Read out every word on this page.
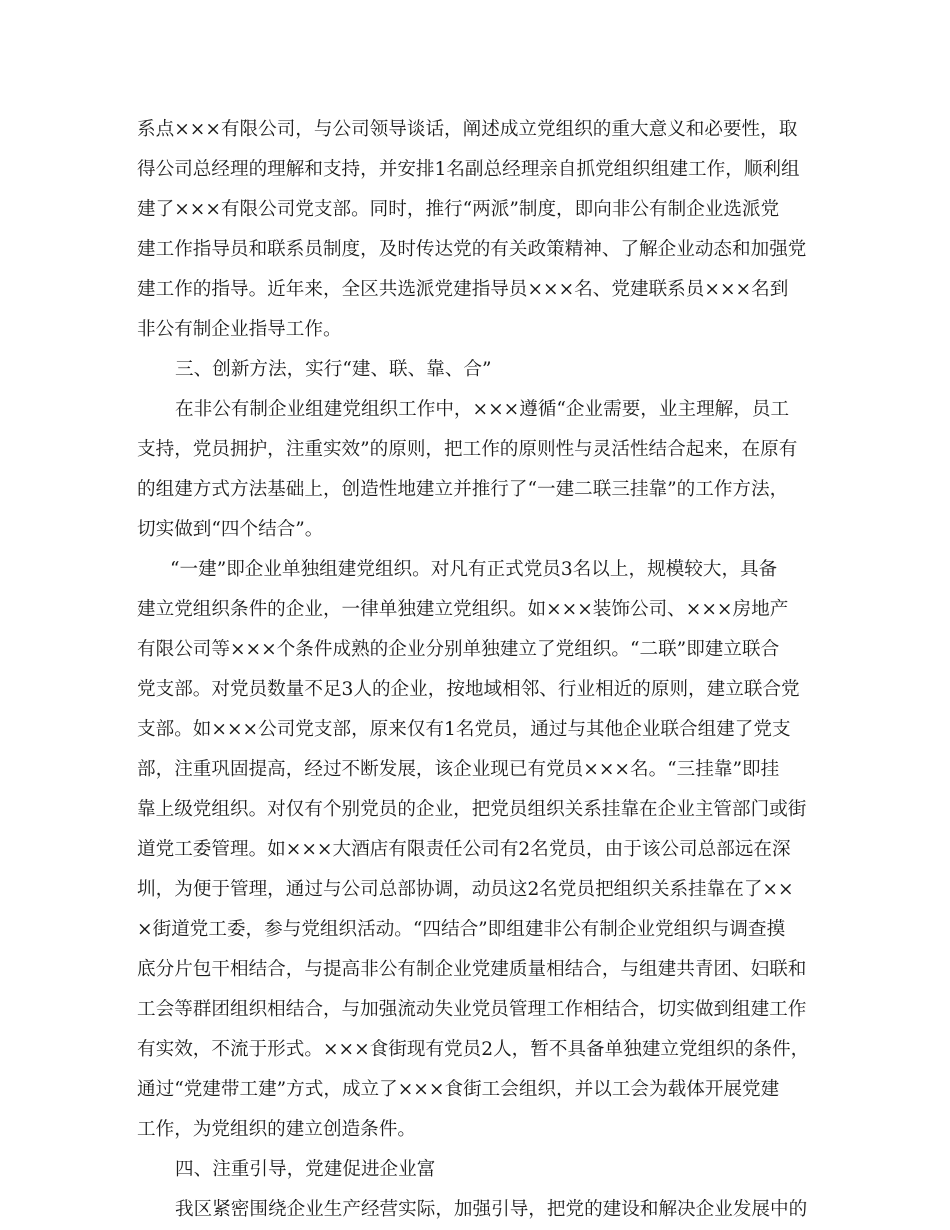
系点×××有限公司，与公司领导谈话，阐述成立党组织的重大意义和必要性，取
得公司总经理的理解和支持，并安排1名副总经理亲自抓党组织组建工作，顺利组
建了×××有限公司党支部。同时，推行“两派”制度，即向非公有制企业选派党
建工作指导员和联系员制度，及时传达党的有关政策精神、了解企业动态和加强党
建工作的指导。近年来，全区共选派党建指导员×××名、党建联系员×××名到
非公有制企业指导工作。
三、创新方法，实行“建、联、靠、合”
在非公有制企业组建党组织工作中，×××遵循“企业需要，业主理解，员工
支持，党员拥护，注重实效”的原则，把工作的原则性与灵活性结合起来，在原有
的组建方式方法基础上，创造性地建立并推行了“一建二联三挂靠”的工作方法，
切实做到“四个结合”。
“一建”即企业单独组建党组织。对凡有正式党员3名以上，规模较大，具备
建立党组织条件的企业，一律单独建立党组织。如×××装饰公司、×××房地产
有限公司等×××个条件成熟的企业分别单独建立了党组织。“二联”即建立联合
党支部。对党员数量不足3人的企业，按地域相邻、行业相近的原则，建立联合党
支部。如×××公司党支部，原来仅有1名党员，通过与其他企业联合组建了党支
部，注重巩固提高，经过不断发展，该企业现已有党员×××名。“三挂靠”即挂
靠上级党组织。对仅有个别党员的企业，把党员组织关系挂靠在企业主管部门或街
道党工委管理。如×××大酒店有限责任公司有2名党员，由于该公司总部远在深
圳，为便于管理，通过与公司总部协调，动员这2名党员把组织关系挂靠在了××
×街道党工委，参与党组织活动。“四结合”即组建非公有制企业党组织与调查摸
底分片包干相结合，与提高非公有制企业党建质量相结合，与组建共青团、妇联和
工会等群团组织相结合，与加强流动失业党员管理工作相结合，切实做到组建工作
有实效，不流于形式。×××食街现有党员2人，暂不具备单独建立党组织的条件，
通过“党建带工建”方式，成立了×××食街工会组织，并以工会为载体开展党建
工作，为党组织的建立创造条件。
四、注重引导，党建促进企业富
我区紧密围绕企业生产经营实际，加强引导，把党的建设和解决企业发展中的
